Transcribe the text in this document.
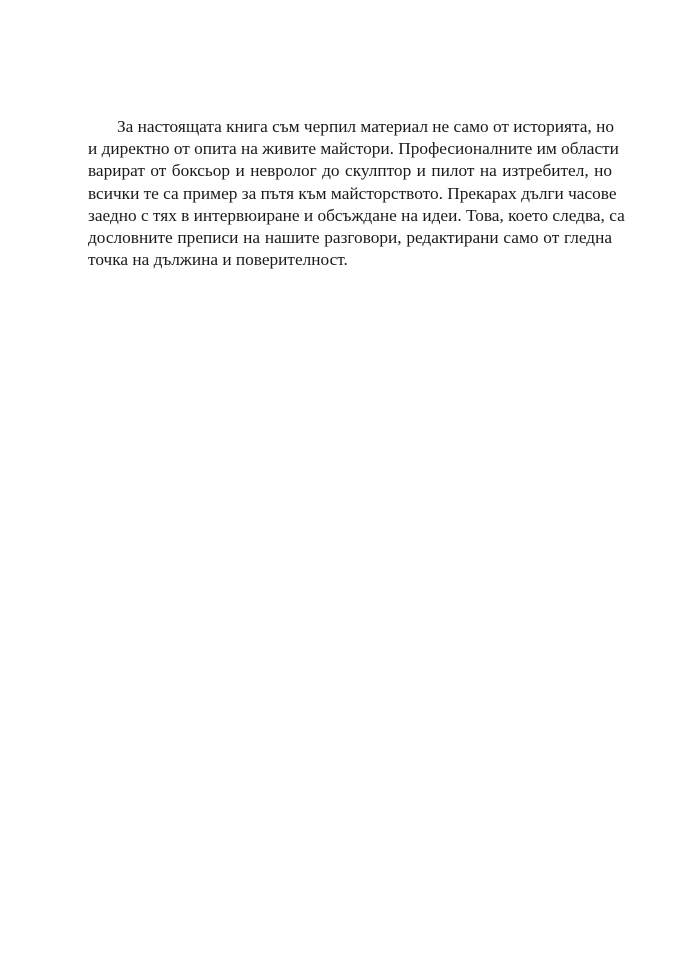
За настоящата книга съм черпил материал не само от историята, но
и директно от опита на живите майстори. Професионалните им области
варират от боксьор и невролог до скулптор и пилот на изтребител, но
всички те са пример за пътя към майсторството. Прекарах дълги часове
заедно с тях в интервюиране и обсъждане на идеи. Това, което следва, са
дословните преписи на нашите разговори, редактирани само от гледна
точка на дължина и поверителност.
